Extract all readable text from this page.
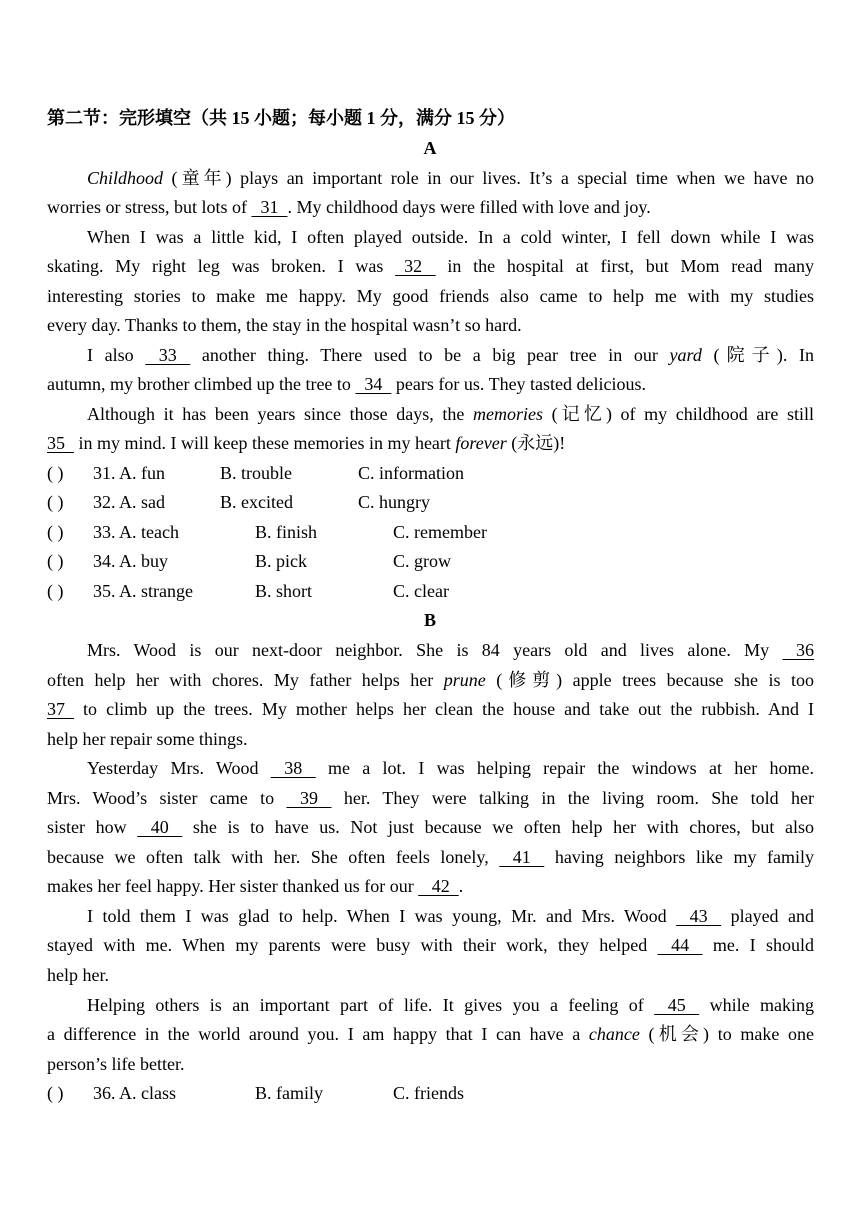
第二节：完形填空（共 15 小题；每小题 1 分，满分 15 分）
A
Childhood (童年) plays an important role in our lives. It’s a special time when we have no
worries or stress, but lots of   31  . My childhood days were filled with love and joy.
When I was a little kid, I often played outside. In a cold winter, I fell down while I was
skating. My right leg was broken. I was   32    in the hospital at first, but Mom read many
interesting stories to make me happy. My good friends also came to help me with my studies
every day. Thanks to them, the stay in the hospital wasn’t so hard.
I also    33    another thing. There used to be a big pear tree in our yard (院子). In
autumn, my brother climbed up the tree to   34   pears for us. They tasted delicious.
Although it has been years since those days, the memories (记忆) of my childhood are still
35   in my mind. I will keep these memories in my heart forever (永远)!
( ) 31. A. fun	B. trouble	C. information
( ) 32. A. sad	B. excited	C. hungry
( ) 33. A. teach	B. finish	C. remember
( ) 34. A. buy	B. pick	C. grow
( ) 35. A. strange	B. short	C. clear
B
Mrs. Wood is our next-door neighbor. She is 84 years old and lives alone. My    36
often help her with chores. My father helps her prune (修剪) apple trees because she is too
37   to climb up the trees. My mother helps her clean the house and take out the rubbish. And I
help her repair some things.
Yesterday Mrs. Wood    38    me a lot. I was helping repair the windows at her home.
Mrs. Wood’s sister came to    39    her. They were talking in the living room. She told her
sister how    40    she is to have us. Not just because we often help her with chores, but also
because we often talk with her. She often feels lonely,    41    having neighbors like my family
makes her feel happy. Her sister thanked us for our    42  .
I told them I was glad to help. When I was young, Mr. and Mrs. Wood    43    played and
stayed with me. When my parents were busy with their work, they helped    44    me. I should
help her.
Helping others is an important part of life. It gives you a feeling of    45    while making
a difference in the world around you. I am happy that I can have a chance (机会) to make one
person’s life better.
( ) 36. A. class	B. family	C. friends
